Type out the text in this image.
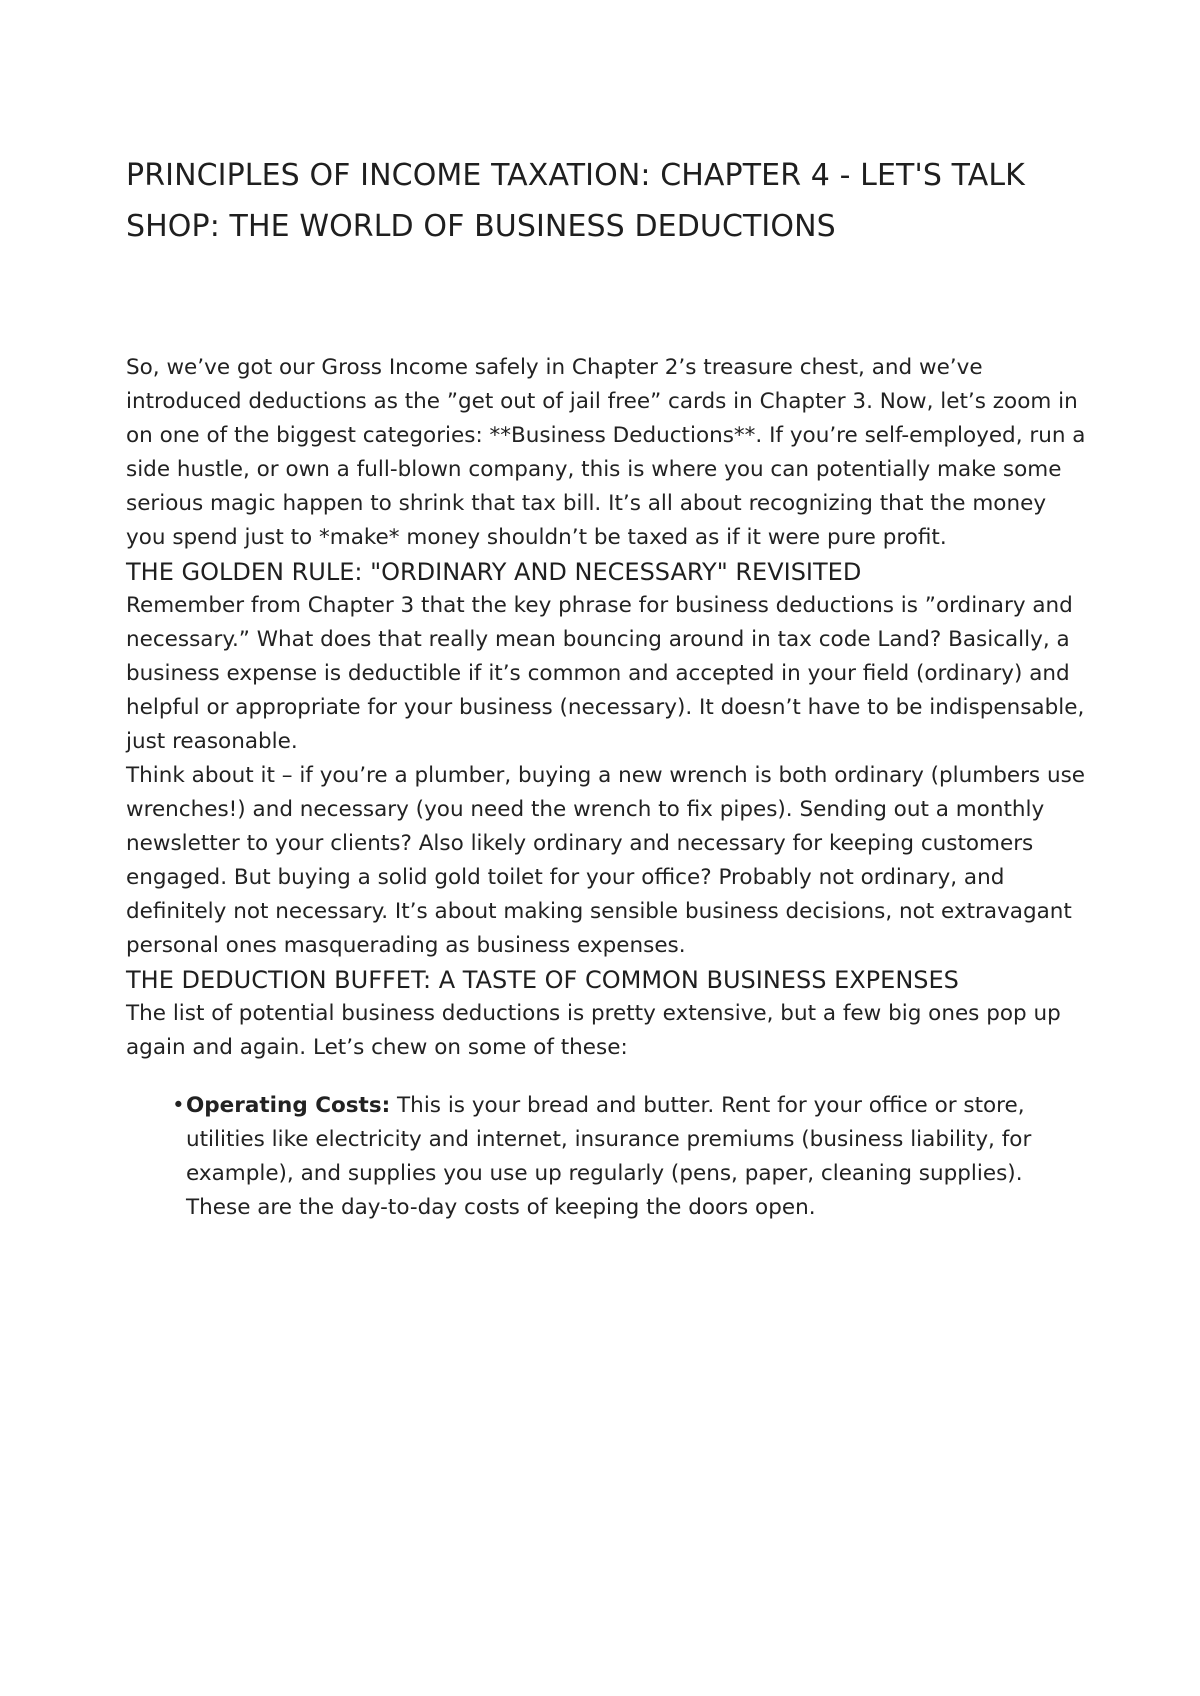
PRINCIPLES OF INCOME TAXATION: CHAPTER 4 - LET'S TALK SHOP: THE WORLD OF BUSINESS DEDUCTIONS

So, we’ve got our Gross Income safely in Chapter 2’s treasure chest, and we’ve introduced deductions as the ”get out of jail free” cards in Chapter 3. Now, let’s zoom in on one of the biggest categories: **Business Deductions**. If you’re self-employed, run a side hustle, or own a full-blown company, this is where you can potentially make some serious magic happen to shrink that tax bill. It’s all about recognizing that the money you spend just to *make* money shouldn’t be taxed as if it were pure profit.

THE GOLDEN RULE: "ORDINARY AND NECESSARY" REVISITED

Remember from Chapter 3 that the key phrase for business deductions is ”ordinary and necessary.” What does that really mean bouncing around in tax code Land? Basically, a business expense is deductible if it’s common and accepted in your field (ordinary) and helpful or appropriate for your business (necessary). It doesn’t have to be indispensable, just reasonable.

Think about it – if you’re a plumber, buying a new wrench is both ordinary (plumbers use wrenches!) and necessary (you need the wrench to fix pipes). Sending out a monthly newsletter to your clients? Also likely ordinary and necessary for keeping customers engaged. But buying a solid gold toilet for your office? Probably not ordinary, and definitely not necessary. It’s about making sensible business decisions, not extravagant personal ones masquerading as business expenses.

THE DEDUCTION BUFFET: A TASTE OF COMMON BUSINESS EXPENSES

The list of potential business deductions is pretty extensive, but a few big ones pop up again and again. Let’s chew on some of these:

• Operating Costs: This is your bread and butter. Rent for your office or store, utilities like electricity and internet, insurance premiums (business liability, for example), and supplies you use up regularly (pens, paper, cleaning supplies). These are the day-to-day costs of keeping the doors open.
